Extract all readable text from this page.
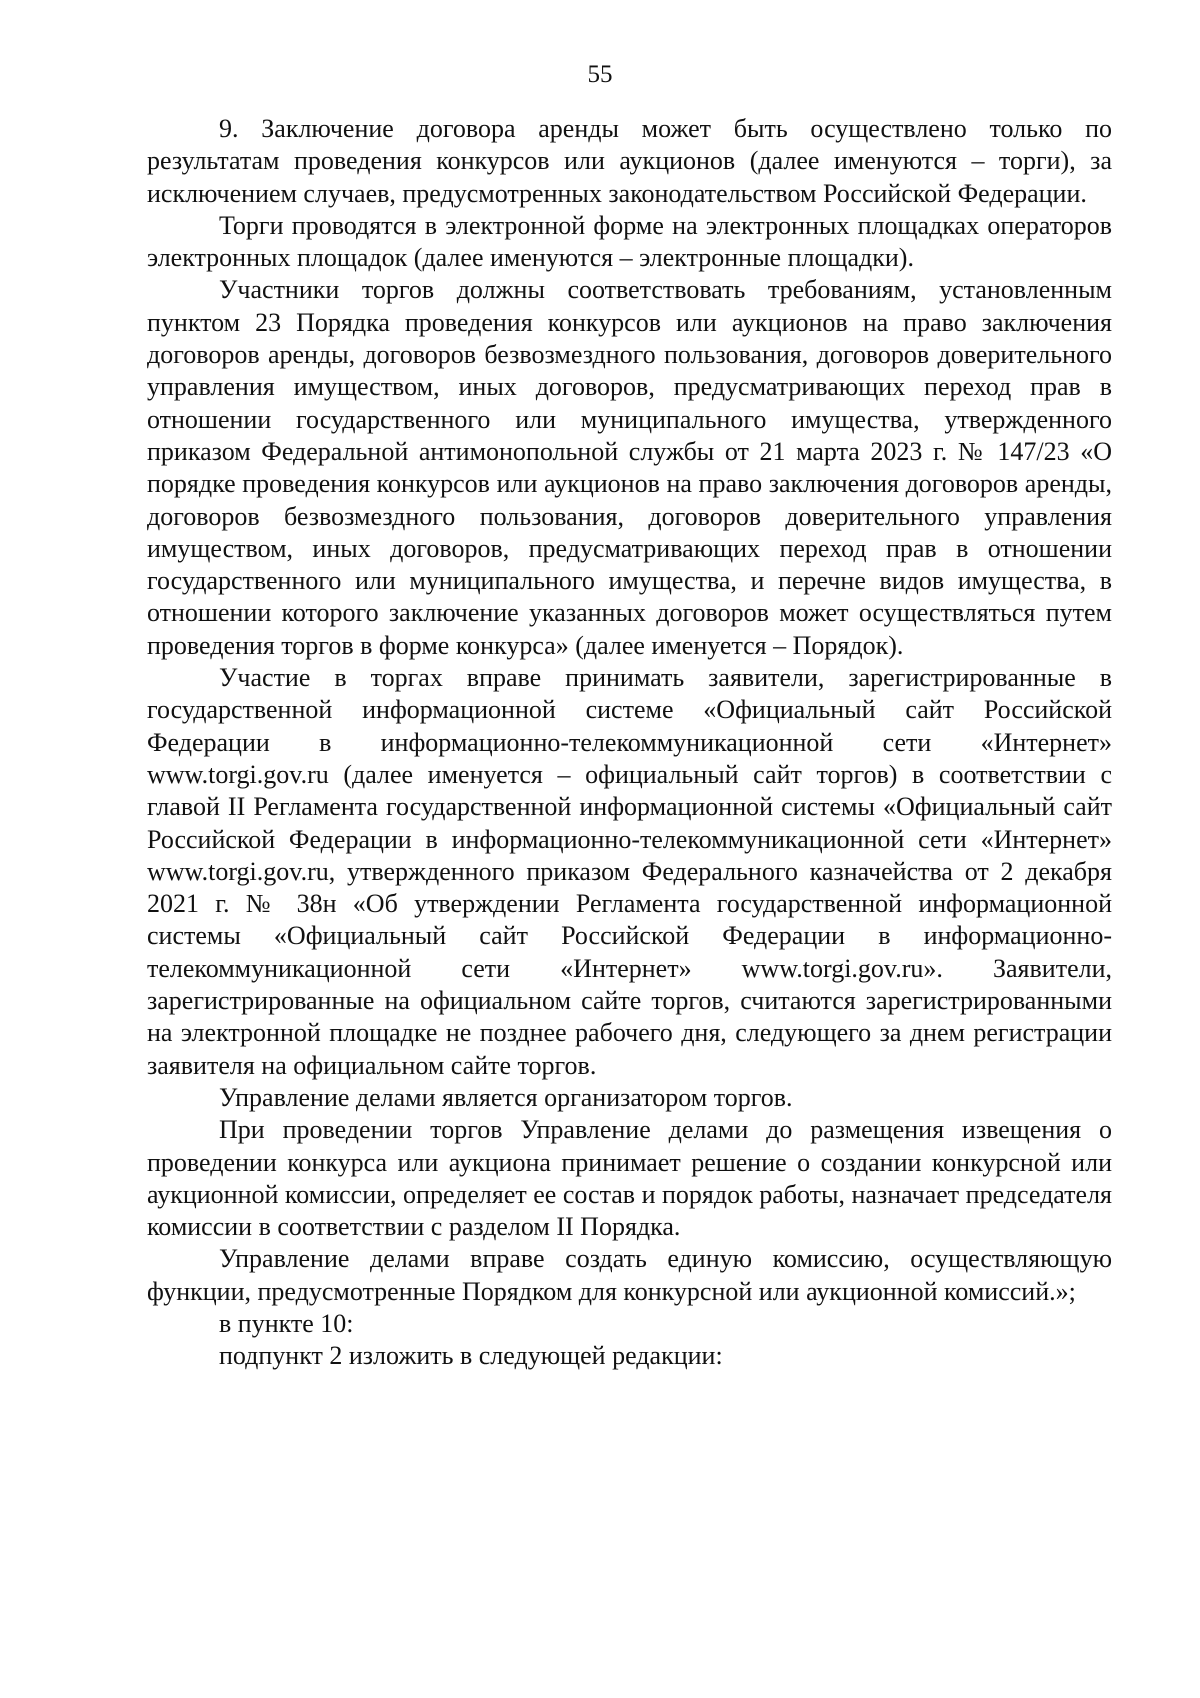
55

9. Заключение договора аренды может быть осуществлено только по результатам проведения конкурсов или аукционов (далее именуются – торги), за исключением случаев, предусмотренных законодательством Российской Федерации.

Торги проводятся в электронной форме на электронных площадках операторов электронных площадок (далее именуются – электронные площадки).

Участники торгов должны соответствовать требованиям, установленным пунктом 23 Порядка проведения конкурсов или аукционов на право заключения договоров аренды, договоров безвозмездного пользования, договоров доверительного управления имуществом, иных договоров, предусматривающих переход прав в отношении государственного или муниципального имущества, утвержденного приказом Федеральной антимонопольной службы от 21 марта 2023 г. № 147/23 «О порядке проведения конкурсов или аукционов на право заключения договоров аренды, договоров безвозмездного пользования, договоров доверительного управления имуществом, иных договоров, предусматривающих переход прав в отношении государственного или муниципального имущества, и перечне видов имущества, в отношении которого заключение указанных договоров может осуществляться путем проведения торгов в форме конкурса» (далее именуется – Порядок).

Участие в торгах вправе принимать заявители, зарегистрированные в государственной информационной системе «Официальный сайт Российской Федерации в информационно-телекоммуникационной сети «Интернет» www.torgi.gov.ru (далее именуется – официальный сайт торгов) в соответствии с главой II Регламента государственной информационной системы «Официальный сайт Российской Федерации в информационно-телекоммуникационной сети «Интернет» www.torgi.gov.ru, утвержденного приказом Федерального казначейства от 2 декабря 2021 г. № 38н «Об утверждении Регламента государственной информационной системы «Официальный сайт Российской Федерации в информационно-телекоммуникационной сети «Интернет» www.torgi.gov.ru». Заявители, зарегистрированные на официальном сайте торгов, считаются зарегистрированными на электронной площадке не позднее рабочего дня, следующего за днем регистрации заявителя на официальном сайте торгов.

Управление делами является организатором торгов.

При проведении торгов Управление делами до размещения извещения о проведении конкурса или аукциона принимает решение о создании конкурсной или аукционной комиссии, определяет ее состав и порядок работы, назначает председателя комиссии в соответствии с разделом II Порядка.

Управление делами вправе создать единую комиссию, осуществляющую функции, предусмотренные Порядком для конкурсной или аукционной комиссий.»;

в пункте 10:

подпункт 2 изложить в следующей редакции:
